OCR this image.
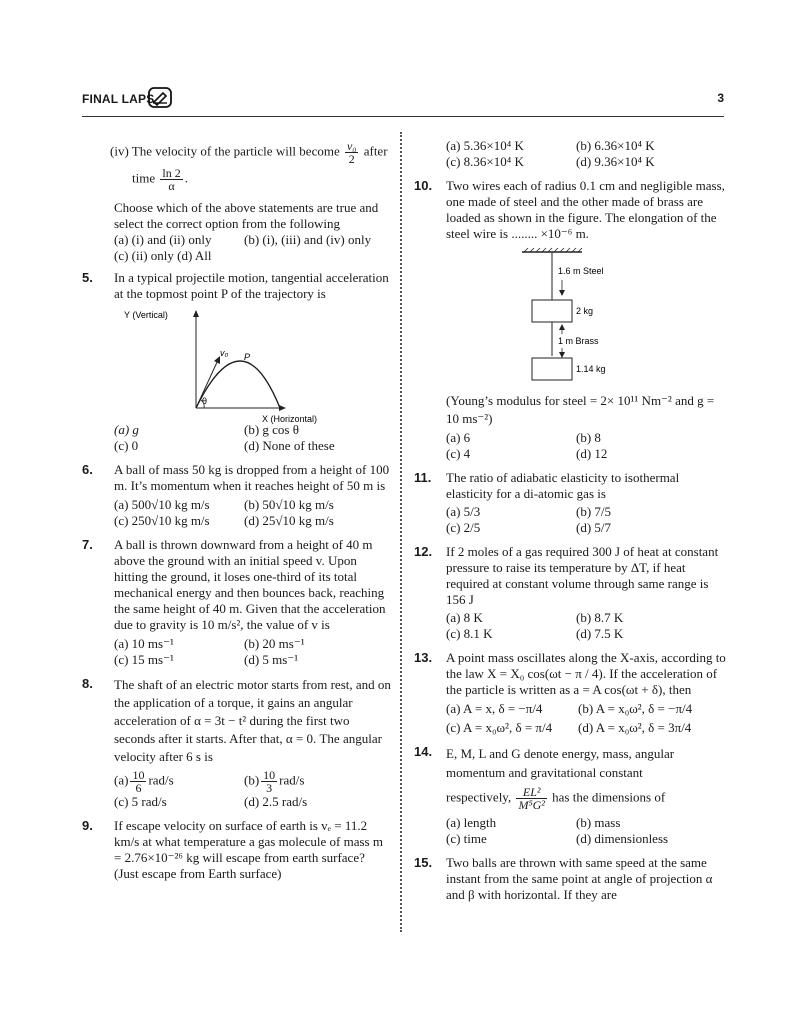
FINAL LAPS	3
(iv) The velocity of the particle will become $\frac{\text{v₀}}{2}$ after
time $\frac{\ln 2}{\alpha}$ .
Choose which of the above statements are true and select the correct option from the following
(a) (i) and (ii) only	(b) (i), (iii) and (iv) only
(c) (ii) only (d) All
5. In a typical projectile motion, tangential acceleration at the topmost point P of the trajectory is
Y (Vertical)
v₀ P
θ
X (Horizontal)
(a) g	(b) g cos θ
(c) 0	(d) None of these
6. A ball of mass 50 kg is dropped from a height of 100 m. It’s momentum when it reaches height of 50 m is
(a) 500√10 kg m/s	(b) 50√10 kg m/s
(c) 250√10 kg m/s	(d) 25√10 kg m/s
7. A ball is thrown downward from a height of 40 m above the ground with an initial speed v. Upon hitting the ground, it loses one-third of its total mechanical energy and then bounces back, reaching the same height of 40 m. Given that the acceleration due to gravity is 10 m/s², the value of v is
(a) 10 ms⁻¹	(b) 20 ms⁻¹
(c) 15 ms⁻¹	(d) 5 ms⁻¹
8. The shaft of an electric motor starts from rest, and on the application of a torque, it gains an angular acceleration of α = 3t − t² during the first two seconds after it starts. After that, α = 0. The angular velocity after 6 s is
$(a) \frac{10}{6} rad/s$	$(b) \frac{10}{3} rad/s$
(c) 5 rad/s	(d) 2.5 rad/s
9. If escape velocity on surface of earth is vₑ = 11.2 km/s at what temperature a gas molecule of mass m = 2.76×10⁻²⁶ kg will escape from earth surface? (Just escape from Earth surface)
(a) 5.36×10⁴ K	(b) 6.36×10⁴ K
(c) 8.36×10⁴ K	(d) 9.36×10⁴ K
10. Two wires each of radius 0.1 cm and negligible mass, one made of steel and the other made of brass are loaded as shown in the figure. The elongation of the steel wire is ........ ×10⁻⁶ m.
1.6 m Steel
2 kg
1 m Brass
1.14 kg
(Young’s modulus for steel = 2× 10¹¹ Nm⁻² and g = 10 ms⁻²)
(a) 6	(b) 8
(c) 4	(d) 12
11. The ratio of adiabatic elasticity to isothermal elasticity for a di-atomic gas is
(a) 5/3	(b) 7/5
(c) 2/5	(d) 5/7
12. If 2 moles of a gas required 300 J of heat at constant pressure to raise its temperature by ΔT, if heat required at constant volume through same range is 156 J
(a) 8 K	(b) 8.7 K
(c) 8.1 K	(d) 7.5 K
13. A point mass oscillates along the X-axis, according to the law X = X₀ cos(ωt − π / 4). If the acceleration of the particle is written as a = A cos(ωt + δ), then
(a) A = x, δ = −π/4	(b) A = x₀ω², δ = −π/4
(c) A = x₀ω², δ = π/4	(d) A = x₀ω², δ = 3π/4
14. E, M, L and G denote energy, mass, angular momentum and gravitational constant
respectively, $\frac{\text{EL²}}{\text{M⁵G²}}$ has the dimensions of
(a) length	(b) mass
(c) time	(d) dimensionless
15. Two balls are thrown with same speed at the same instant from the same point at angle of projection α and β with horizontal. If they are
